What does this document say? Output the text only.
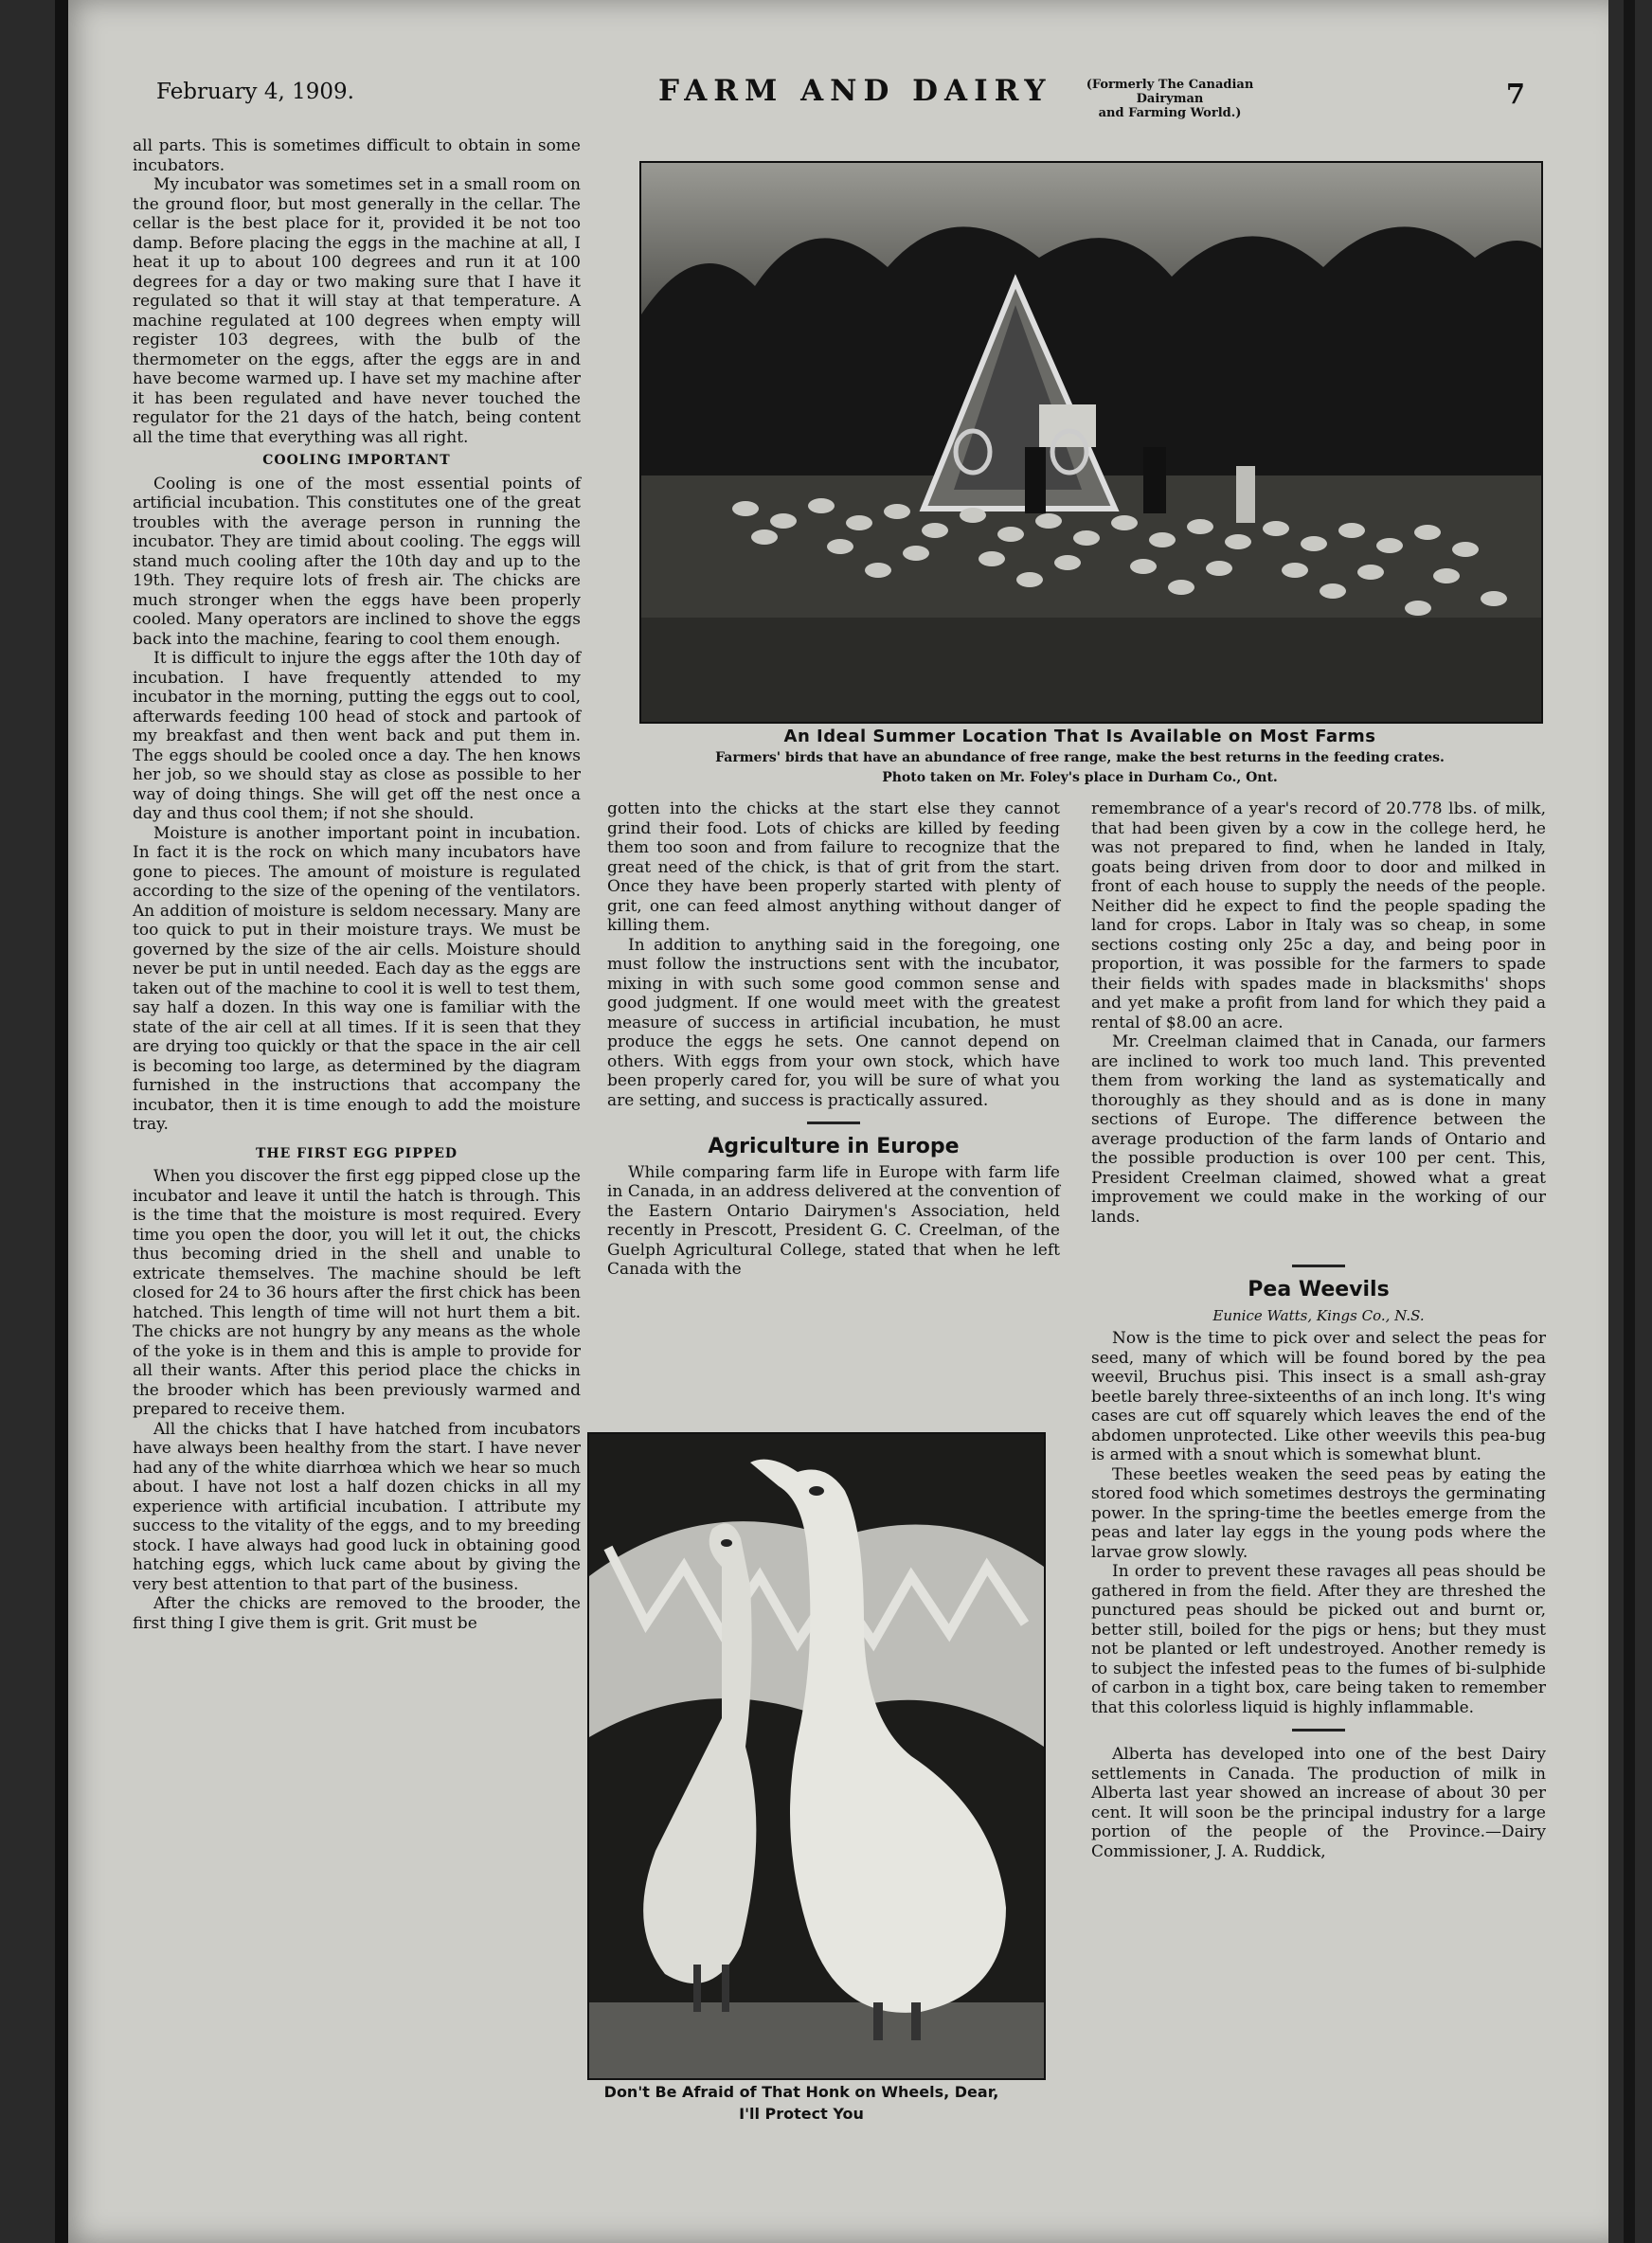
February 4, 1909.	FARM AND DAIRY	(Formerly The Canadian Dairyman
and Farming World.)
7

all parts. This is sometimes difficult to obtain in some incubators.

My incubator was sometimes set in a small room on the ground floor, but most generally in the cellar. The cellar is the best place for it, provided it be not too damp. Before placing the eggs in the machine at all, I heat it up to about 100 degrees and run it at 100 degrees for a day or two making sure that I have it regulated so that it will stay at that temperature. A machine regulated at 100 degrees when empty will register 103 degrees, with the bulb of the thermometer on the eggs, after the eggs are in and have become warmed up. I have set my machine after it has been regulated and have never touched the regulator for the 21 days of the hatch, being content all the time that everything was all right.

COOLING IMPORTANT

Cooling is one of the most essential points of artificial incubation. This constitutes one of the great troubles with the average person in running the incubator. They are timid about cooling. The eggs will stand much cooling after the 10th day and up to the 19th. They require lots of fresh air. The chicks are much stronger when the eggs have been properly cooled. Many operators are inclined to shove the eggs back into the machine, fearing to cool them enough.

It is difficult to injure the eggs after the 10th day of incubation. I have frequently attended to my incubator in the morning, putting the eggs out to cool, afterwards feeding 100 head of stock and partook of my breakfast and then went back and put them in. The eggs should be cooled once a day. The hen knows her job, so we should stay as close as possible to her way of doing things. She will get off the nest once a day and thus cool them; if not she should.

Moisture is another important point in incubation. In fact it is the rock on which many incubators have gone to pieces. The amount of moisture is regulated according to the size of the opening of the ventilators. An addition of moisture is seldom necessary. Many are too quick to put in their moisture trays. We must be governed by the size of the air cells. Moisture should never be put in until needed. Each day as the eggs are taken out of the machine to cool it is well to test them, say half a dozen. In this way one is familiar with the state of the air cell at all times. If it is seen that they are drying too quickly or that the space in the air cell is becoming too large, as determined by the diagram furnished in the instructions that accompany the incubator, then it is time enough to add the moisture tray.

THE FIRST EGG PIPPED

When you discover the first egg pipped close up the incubator and leave it until the hatch is through. This is the time that the moisture is most required. Every time you open the door, you will let it out, the chicks thus becoming dried in the shell and unable to extricate themselves. The machine should be left closed for 24 to 36 hours after the first chick has been hatched. This length of time will not hurt them a bit. The chicks are not hungry by any means as the whole of the yoke is in them and this is ample to provide for all their wants. After this period place the chicks in the brooder which has been previously warmed and prepared to receive them.

All the chicks that I have hatched from incubators have always been healthy from the start. I have never had any of the white diarrhœa which we hear so much about. I have not lost a half dozen chicks in all my experience with artificial incubation. I attribute my success to the vitality of the eggs, and to my breeding stock. I have always had good luck in obtaining good hatching eggs, which luck came about by giving the very best attention to that part of the business.

After the chicks are removed to the brooder, the first thing I give them is grit. Grit must be

An Ideal Summer Location That Is Available on Most Farms
Farmers' birds that have an abundance of free range, make the best returns in the feeding crates.
Photo taken on Mr. Foley's place in Durham Co., Ont.

gotten into the chicks at the start else they cannot grind their food. Lots of chicks are killed by feeding them too soon and from failure to recognize that the great need of the chick, is that of grit from the start. Once they have been properly started with plenty of grit, one can feed almost anything without danger of killing them.

In addition to anything said in the foregoing, one must follow the instructions sent with the incubator, mixing in with such some good common sense and good judgment. If one would meet with the greatest measure of success in artificial incubation, he must produce the eggs he sets. One cannot depend on others. With eggs from your own stock, which have been properly cared for, you will be sure of what you are setting, and success is practically assured.

Agriculture in Europe

While comparing farm life in Europe with farm life in Canada, in an address delivered at the convention of the Eastern Ontario Dairymen's Association, held recently in Prescott, President G. C. Creelman, of the Guelph Agricultural College, stated that when he left Canada with the

Don't Be Afraid of That Honk on Wheels, Dear,
I'll Protect You

remembrance of a year's record of 20.778 lbs. of milk, that had been given by a cow in the college herd, he was not prepared to find, when he landed in Italy, goats being driven from door to door and milked in front of each house to supply the needs of the people. Neither did he expect to find the people spading the land for crops. Labor in Italy was so cheap, in some sections costing only 25c a day, and being poor in proportion, it was possible for the farmers to spade their fields with spades made in blacksmiths' shops and yet make a profit from land for which they paid a rental of $8.00 an acre.

Mr. Creelman claimed that in Canada, our farmers are inclined to work too much land. This prevented them from working the land as systematically and thoroughly as they should and as is done in many sections of Europe. The difference between the average production of the farm lands of Ontario and the possible production is over 100 per cent. This, President Creelman claimed, showed what a great improvement we could make in the working of our lands.

Pea Weevils
Eunice Watts, Kings Co., N.S.

Now is the time to pick over and select the peas for seed, many of which will be found bored by the pea weevil, Bruchus pisi. This insect is a small ash-gray beetle barely three-sixteenths of an inch long. It's wing cases are cut off squarely which leaves the end of the abdomen unprotected. Like other weevils this pea-bug is armed with a snout which is somewhat blunt.

These beetles weaken the seed peas by eating the stored food which sometimes destroys the germinating power. In the spring-time the beetles emerge from the peas and later lay eggs in the young pods where the larvae grow slowly.

In order to prevent these ravages all peas should be gathered in from the field. After they are threshed the punctured peas should be picked out and burnt or, better still, boiled for the pigs or hens; but they must not be planted or left undestroyed. Another remedy is to subject the infested peas to the fumes of bi-sulphide of carbon in a tight box, care being taken to remember that this colorless liquid is highly inflammable.

Alberta has developed into one of the best Dairy settlements in Canada. The production of milk in Alberta last year showed an increase of about 30 per cent. It will soon be the principal industry for a large portion of the people of the Province.—Dairy Commissioner, J. A. Ruddick,
